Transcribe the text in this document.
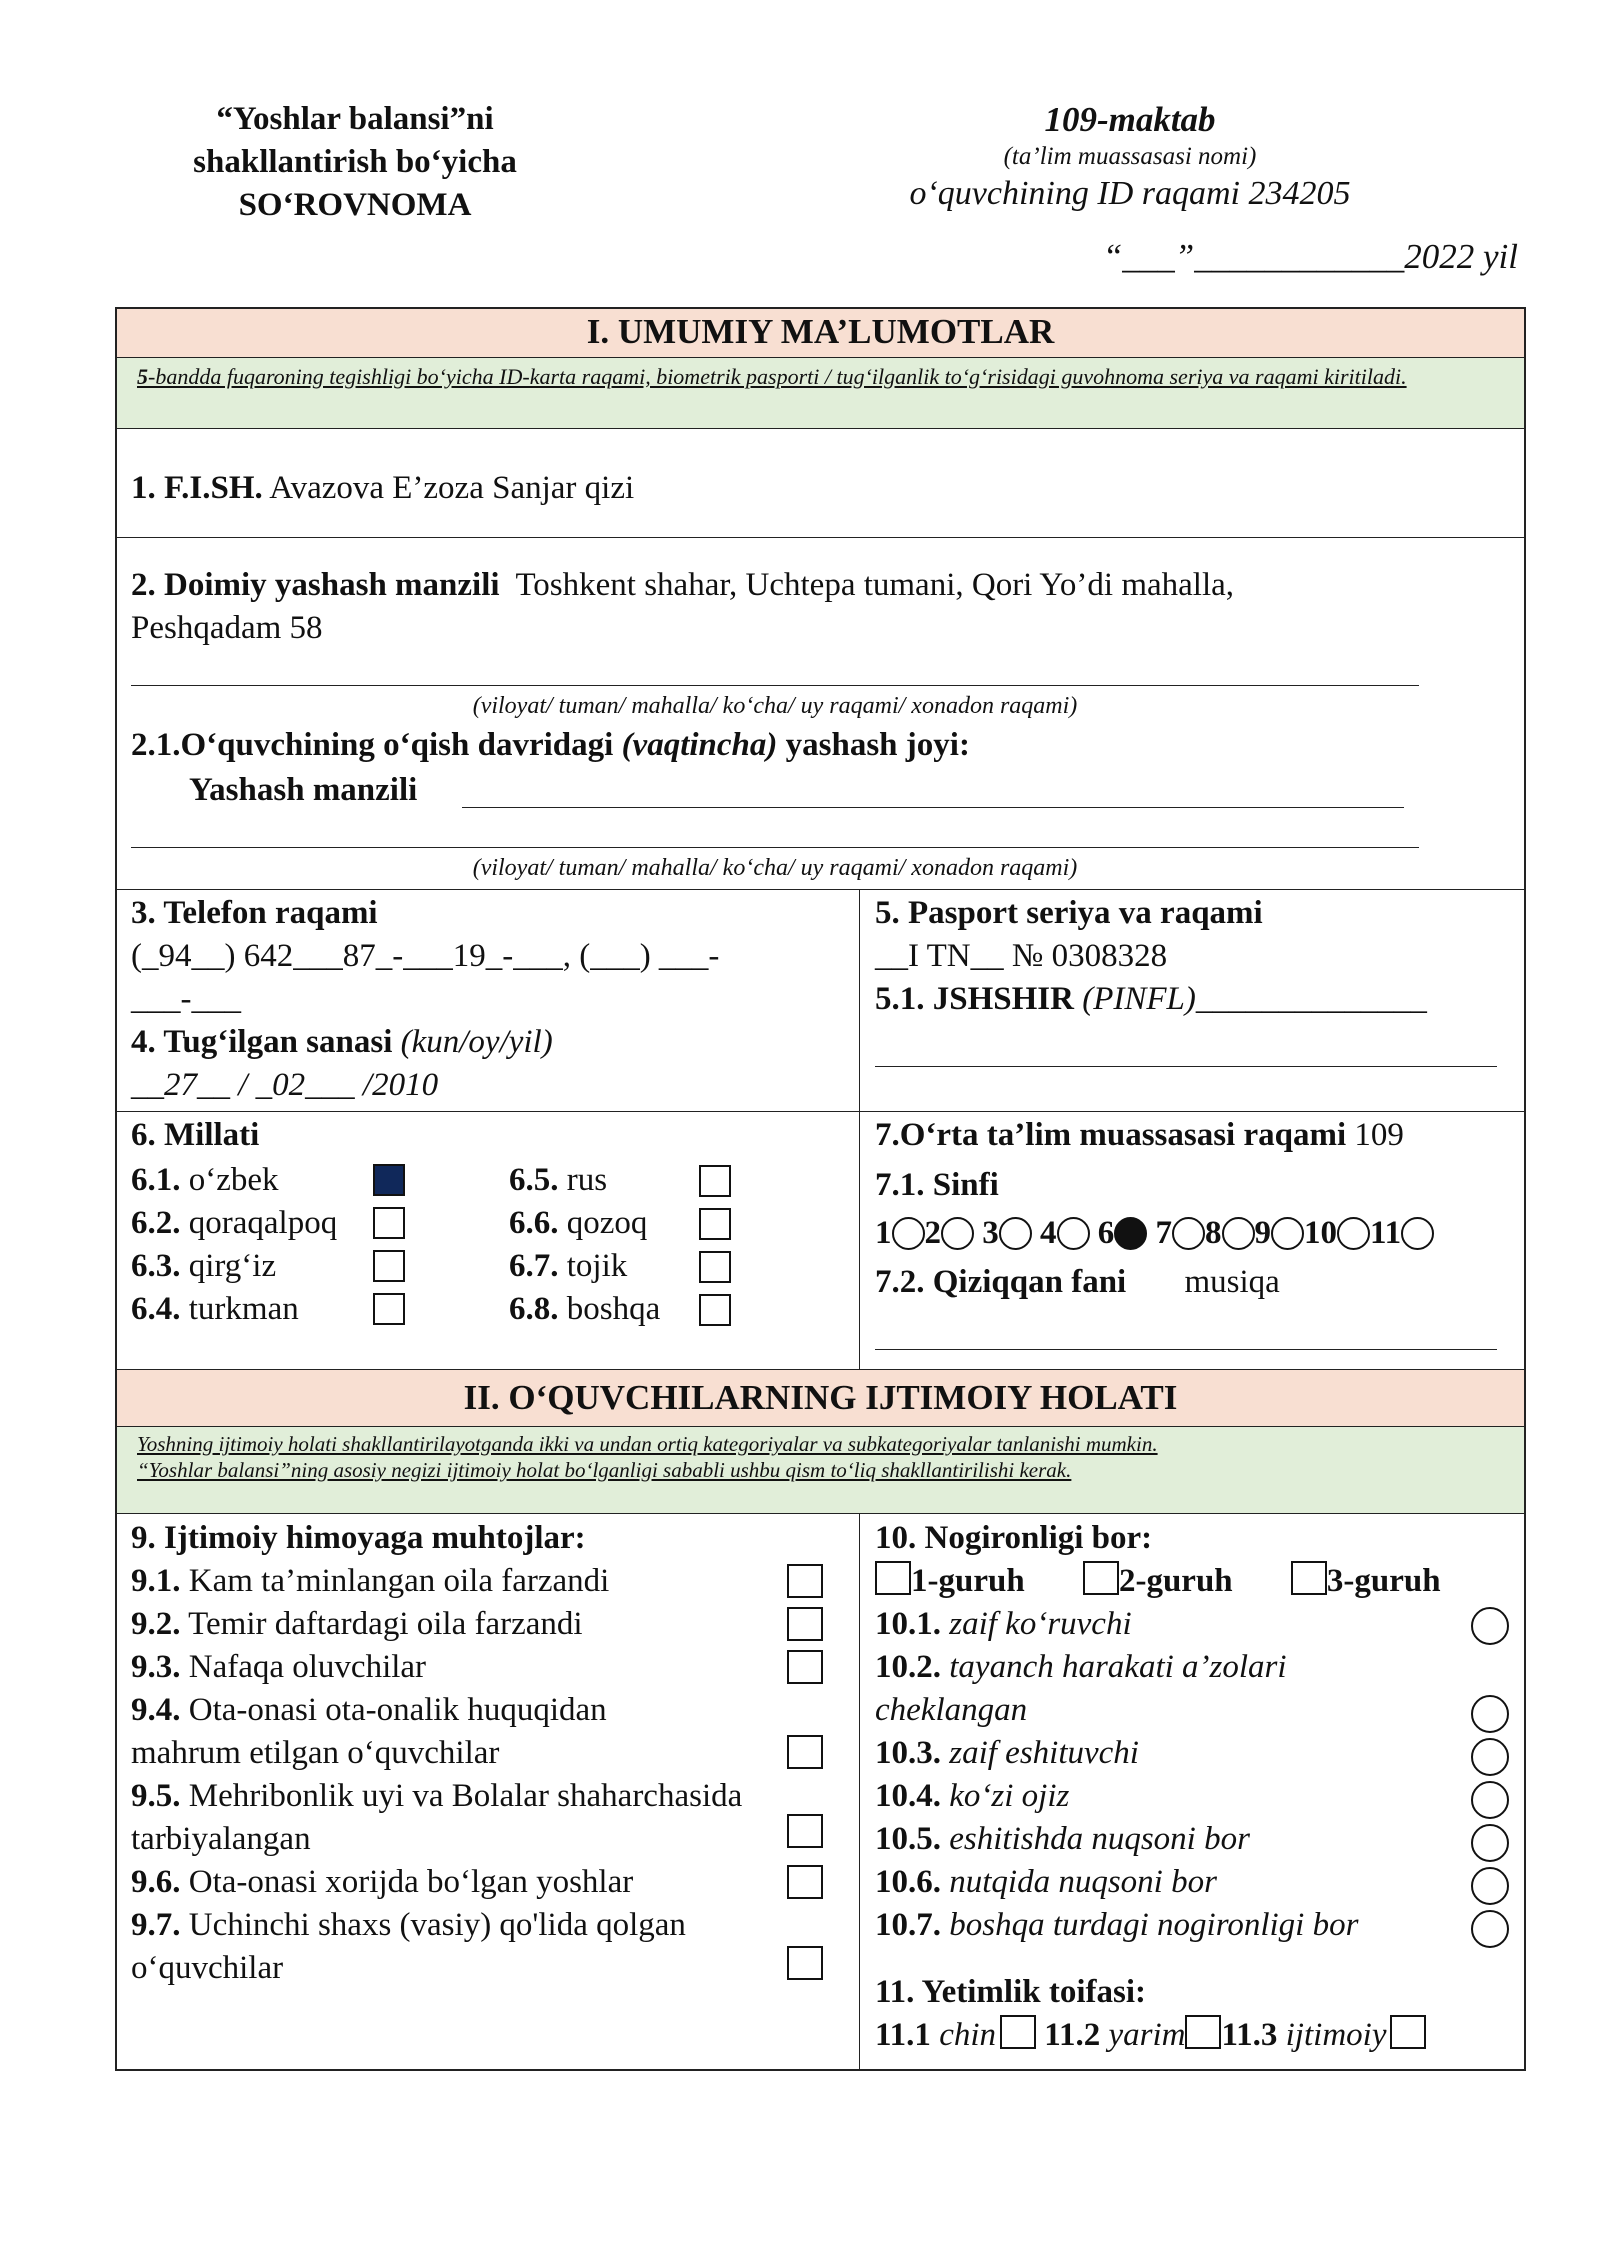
“Yoshlar balansi”ni
shakllantirish bo‘yicha
SO‘ROVNOMA
109-maktab
(ta’lim muassasasi nomi)
o‘quvchining ID raqami 234205
“___”____________2022 yil
I. UMUMIY MA’LUMOTLAR
5-bandda fuqaroning tegishligi bo‘yicha ID-karta raqami, biometrik pasporti / tug‘ilganlik to‘g‘risidagi guvohnoma seriya va raqami kiritiladi.
1. F.I.SH. Avazova E’zoza Sanjar qizi
2. Doimiy yashash manzili Toshkent shahar, Uchtepa tumani, Qori Yo’di mahalla,
Peshqadam 58
(viloyat/ tuman/ mahalla/ ko‘cha/ uy raqami/ xonadon raqami)
2.1.O‘quvchining o‘qish davridagi (vaqtincha) yashash joyi:
Yashash manzili
(viloyat/ tuman/ mahalla/ ko‘cha/ uy raqami/ xonadon raqami)
3. Telefon raqami
(_94__) 642___87_-___19_-___, (___) ___-
___-___
4. Tug‘ilgan sanasi (kun/oy/yil)
__27__ / _02___ /2010
5. Pasport seriya va raqami
__I TN__ № 0308328
5.1. JSHSHIR (PINFL)______________
6. Millati
6.1. o‘zbek
6.2. qoraqalpoq
6.3. qirg‘iz
6.4. turkman
6.5. rus
6.6. qozoq
6.7. tojik
6.8. boshqa
7.O‘rta ta’lim muassasasi raqami 109
7.1. Sinfi
1 2
3
4
6
7 8 9 10 11
7.2. Qiziqqan fani musiqa
II. O‘QUVCHILARNING IJTIMOIY HOLATI
Yoshning ijtimoiy holati shakllantirilayotganda ikki va undan ortiq kategoriyalar va subkategoriyalar tanlanishi mumkin.
“Yoshlar balansi”ning asosiy negizi ijtimoiy holat bo‘lganligi sababli ushbu qism to‘liq shakllantirilishi kerak.
9. Ijtimoiy himoyaga muhtojlar:
9.1. Kam ta’minlangan oila farzandi
9.2. Temir daftardagi oila farzandi
9.3. Nafaqa oluvchilar
9.4. Ota-onasi ota-onalik huquqidan
mahrum etilgan o‘quvchilar
9.5. Mehribonlik uyi va Bolalar shaharchasida
tarbiyalangan
9.6. Ota-onasi xorijda bo‘lgan yoshlar
9.7. Uchinchi shaxs (vasiy) qo'lida qolgan
o‘quvchilar
10. Nogironligi bor:
1-guruh	2-guruh	3-guruh
10.1. zaif ko‘ruvchi
10.2. tayanch harakati a’zolari
cheklangan
10.3. zaif eshituvchi
10.4. ko‘zi ojiz
10.5. eshitishda nuqsoni bor
10.6. nutqida nuqsoni bor
10.7. boshqa turdagi nogironligi bor
11. Yetimlik toifasi:
11.1 chin 11.2 yarim 11.3 ijtimoiy
